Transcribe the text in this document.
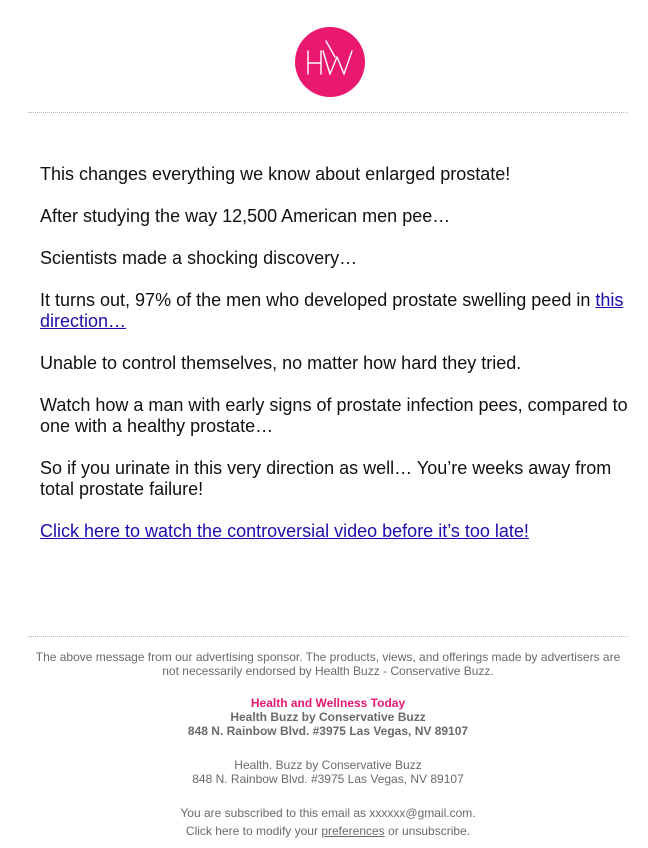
This changes everything we know about enlarged prostate!

After studying the way 12,500 American men pee…

Scientists made a shocking discovery…

It turns out, 97% of the men who developed prostate swelling peed in this direction…

Unable to control themselves, no matter how hard they tried.

Watch how a man with early signs of prostate infection pees, compared to one with a healthy prostate…

So if you urinate in this very direction as well… You’re weeks away from total prostate failure!

Click here to watch the controversial video before it’s too late!

The above message from our advertising sponsor. The products, views, and offerings made by advertisers are not necessarily endorsed by Health Buzz - Conservative Buzz.

Health and Wellness Today

Health Buzz by Conservative Buzz

848 N. Rainbow Blvd. #3975 Las Vegas, NV 89107

Health. Buzz by Conservative Buzz

848 N. Rainbow Blvd. #3975 Las Vegas, NV 89107

You are subscribed to this email as xxxxxx@gmail.com.

Click here to modify your preferences or unsubscribe.
